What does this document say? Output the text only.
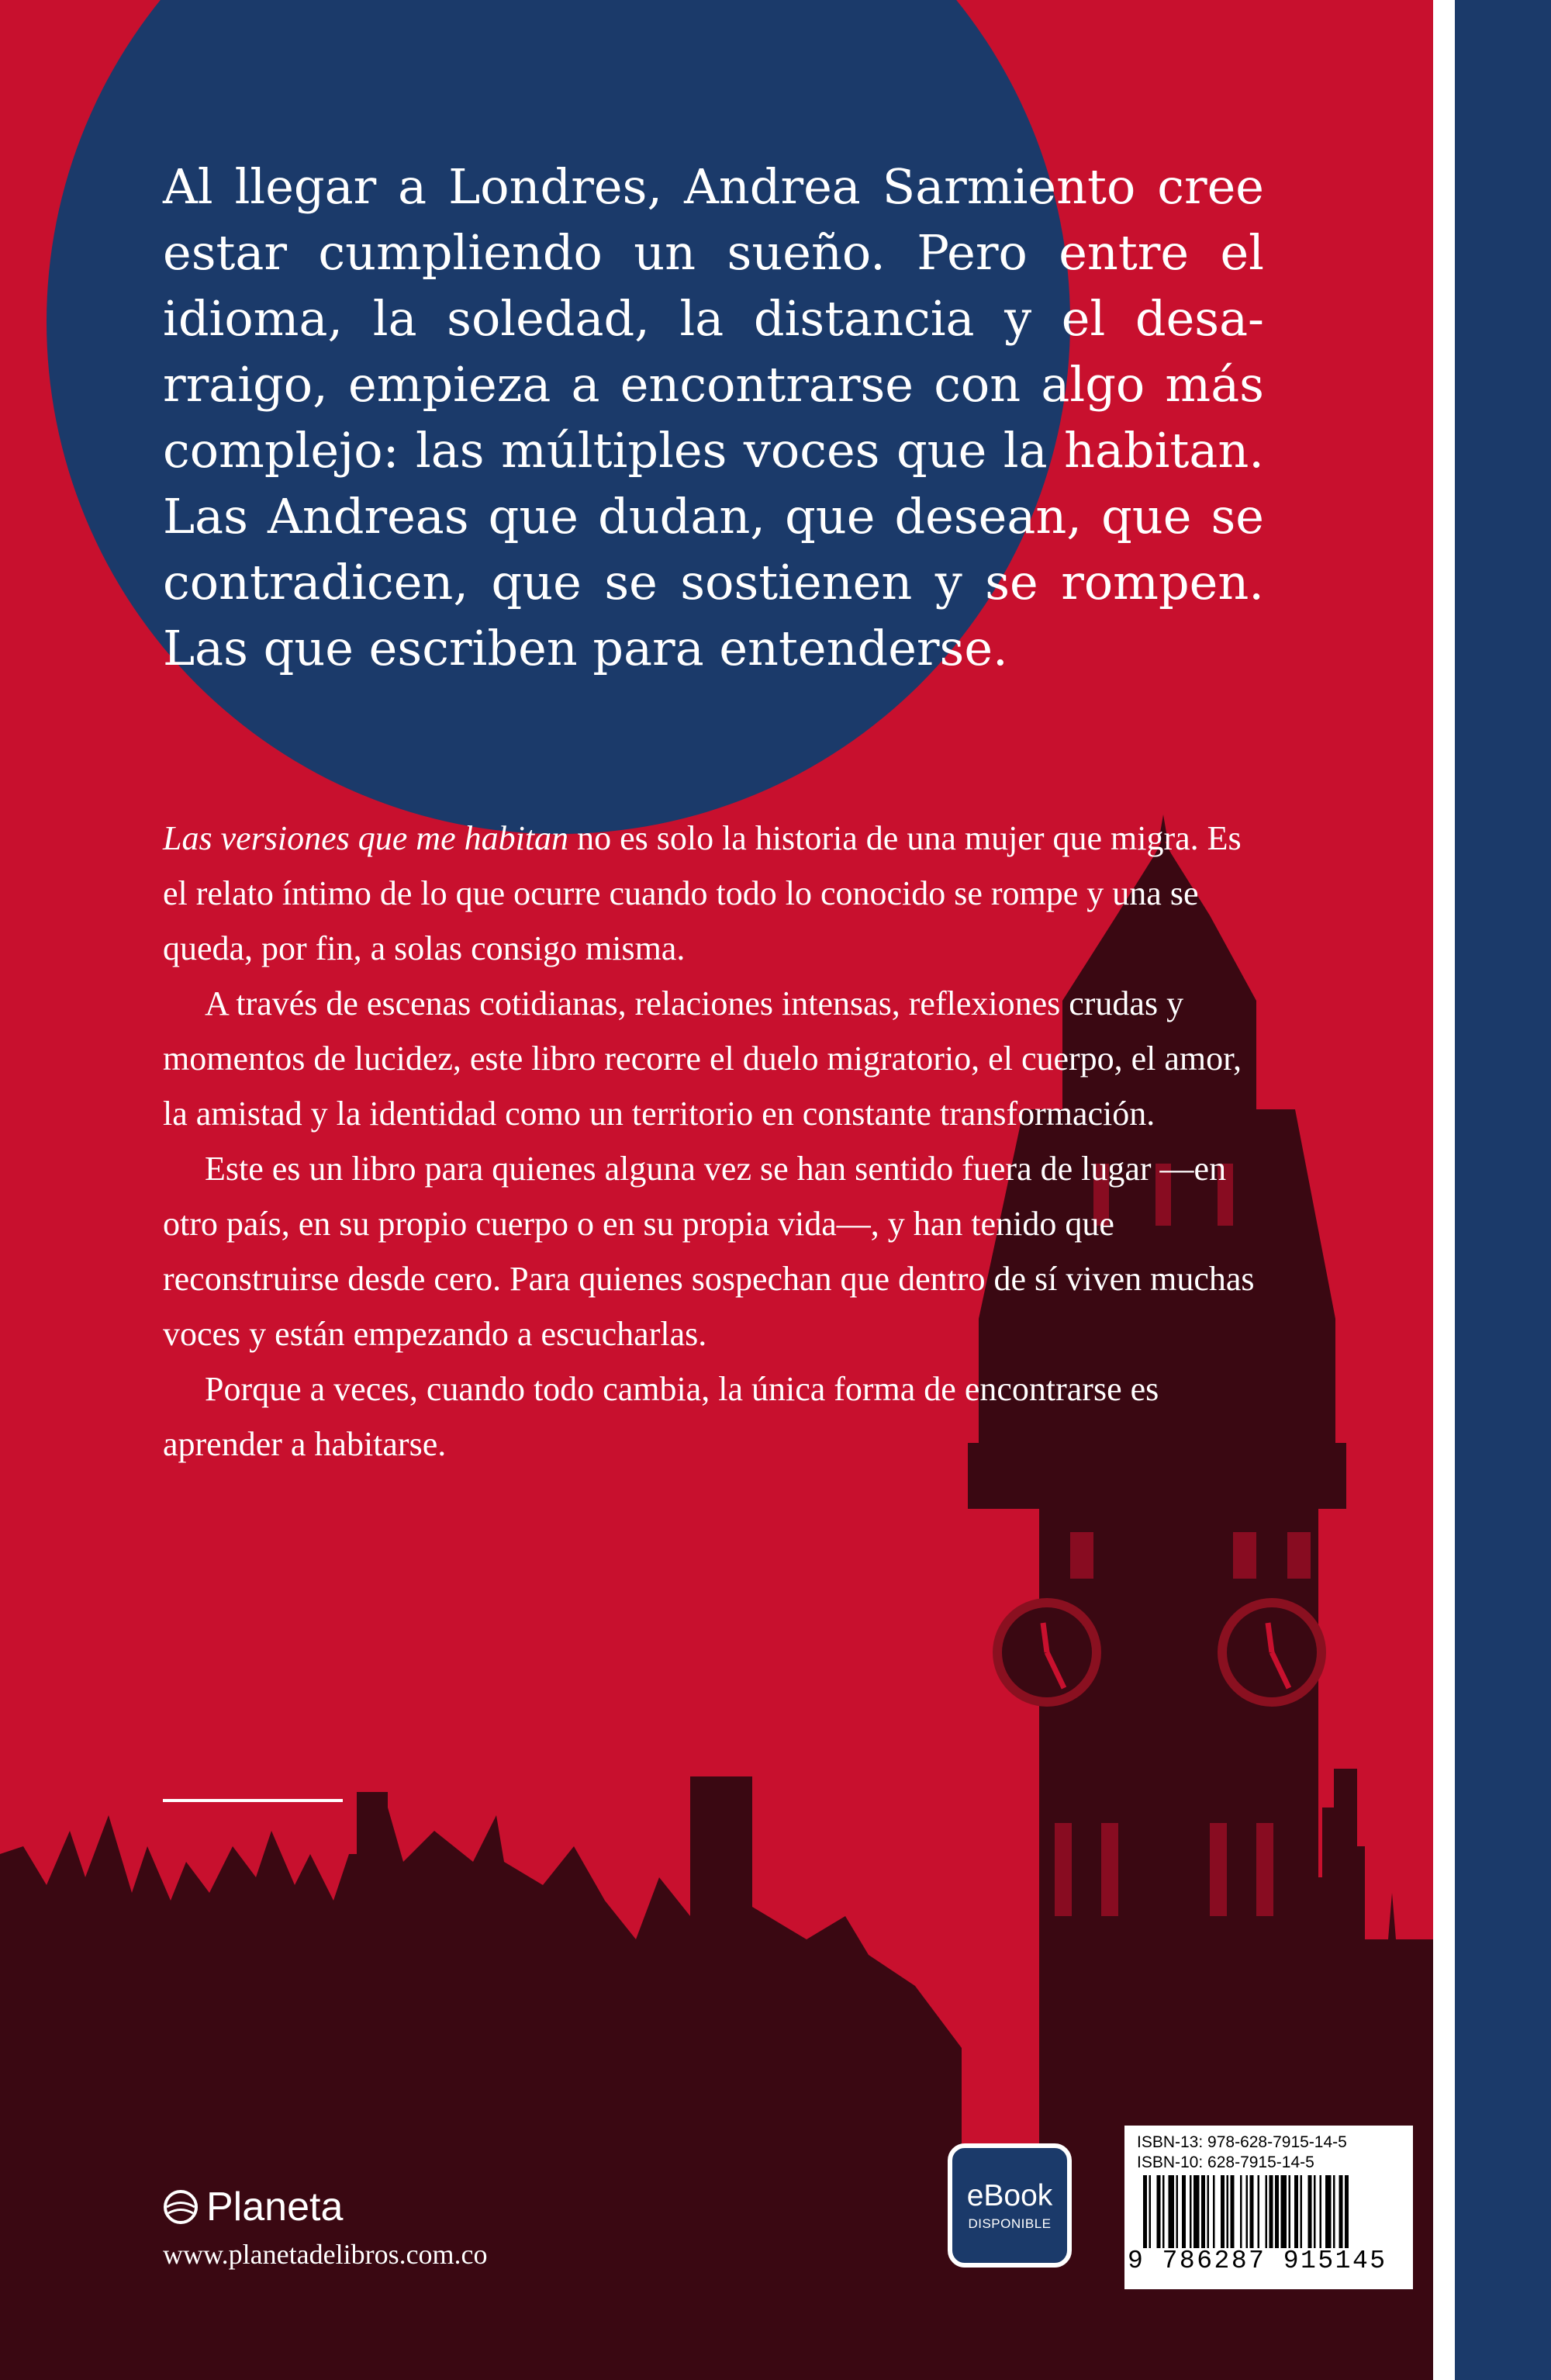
Al llegar a Londres, Andrea Sarmiento cree estar cumpliendo un sueño. Pero entre el idioma, la soledad, la distancia y el desa-rraigo, empieza a encontrarse con algo más complejo: las múltiples voces que la habitan. Las Andreas que dudan, que desean, que se contradicen, que se sostienen y se rompen. Las que escriben para entenderse.

Las versiones que me habitan no es solo la historia de una mujer que migra. Es el relato íntimo de lo que ocurre cuando todo lo conocido se rompe y una se queda, por fin, a solas consigo misma.

A través de escenas cotidianas, relaciones intensas, reflexiones crudas y momentos de lucidez, este libro recorre el duelo migratorio, el cuerpo, el amor, la amistad y la identidad como un territorio en constante transformación.

Este es un libro para quienes alguna vez se han sentido fuera de lugar —en otro país, en su propio cuerpo o en su propia vida—, y han tenido que reconstruirse desde cero. Para quienes sospechan que dentro de sí viven muchas voces y están empezando a escucharlas.

Porque a veces, cuando todo cambia, la única forma de encontrarse es aprender a habitarse.

Planeta
www.planetadelibros.com.co
eBook
DISPONIBLE
ISBN-13: 978-628-7915-14-5
ISBN-10: 628-7915-14-5
9 786287 915145
